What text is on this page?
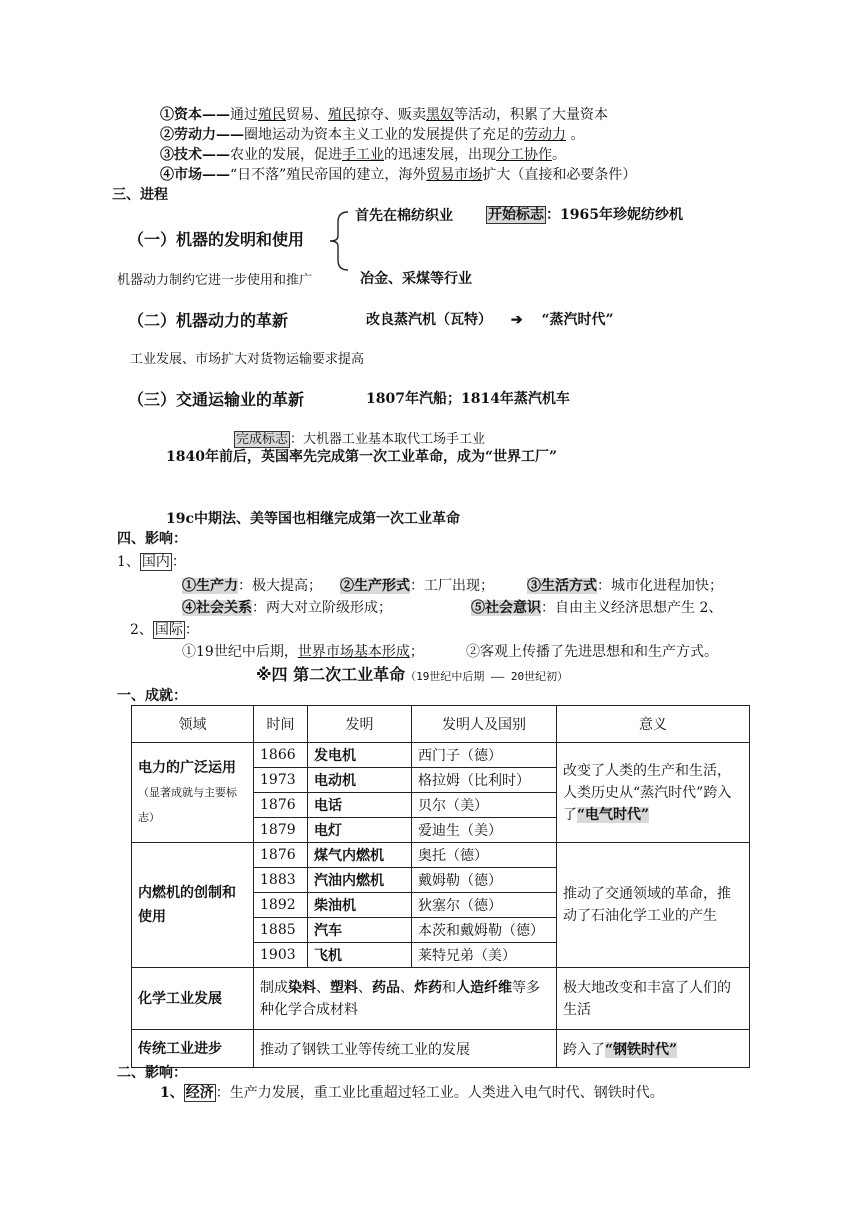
①资本——通过殖民贸易、殖民掠夺、贩卖黑奴等活动，积累了大量资本
②劳动力——圈地运动为资本主义工业的发展提供了充足的劳动力 。
③技术——农业的发展，促进手工业的迅速发展，出现分工协作。
④市场——“日不落”殖民帝国的建立，海外贸易市场扩大（直接和必要条件）
三、进程
（一）机器的发明和使用
首先在棉纺织业	开始标志 ：1965年珍妮纺纱机
机器动力制约它进一步使用和推广	冶金、采煤等行业
（二）机器动力的革新	改良蒸汽机（瓦特） ➔ “蒸汽时代”
工业发展、市场扩大对货物运输要求提高
（三）交通运输业的革新	1807年汽船；1814年蒸汽机车
完成标志 ：大机器工业基本取代工场手工业
1840年前后，英国率先完成第一次工业革命，成为“世界工厂”
19c中期法、美等国也相继完成第一次工业革命
四、影响：
1、 国内 ：
①生产力：极大提高； ②生产形式：工厂出现； ③生活方式：城市化进程加快；
④社会关系：两大对立阶级形成；	⑤社会意识：自由主义经济思想产生 2、
2、 国际 ：
①19世纪中后期，世界市场基本形成；	②客观上传播了先进思想和和生产方式。
※四 第二次工业革命（19世纪中后期 —— 20世纪初）
一、成就：
领域	时间	发明	发明人及国别	意义
电力的广泛运用（显著成就与主要标志）	1866	发电机	西门子（德）	改变了人类的生产和生活，人类历史从“蒸汽时代”跨入了“电气时代”
	1973	电动机	格拉姆（比利时）	
	1876	电话	贝尔（美）	
	1879	电灯	爱迪生（美）	
内燃机的创制和使用	1876	煤气内燃机	奥托（德）	推动了交通领域的革命，推动了石油化学工业的产生
	1883	汽油内燃机	戴姆勒（德）	
	1892	柴油机	狄塞尔（德）	
	1885	汽车	本茨和戴姆勒（德）	
	1903	飞机	莱特兄弟（美）	
化学工业发展	制成染料、塑料、药品、炸药和人造纤维等多种化学合成材料			极大地改变和丰富了人们的生活
传统工业进步	推动了钢铁工业等传统工业的发展			跨入了“钢铁时代”
二、影响：
1、 经济 ：生产力发展，重工业比重超过轻工业。人类进入电气时代、钢铁时代。
